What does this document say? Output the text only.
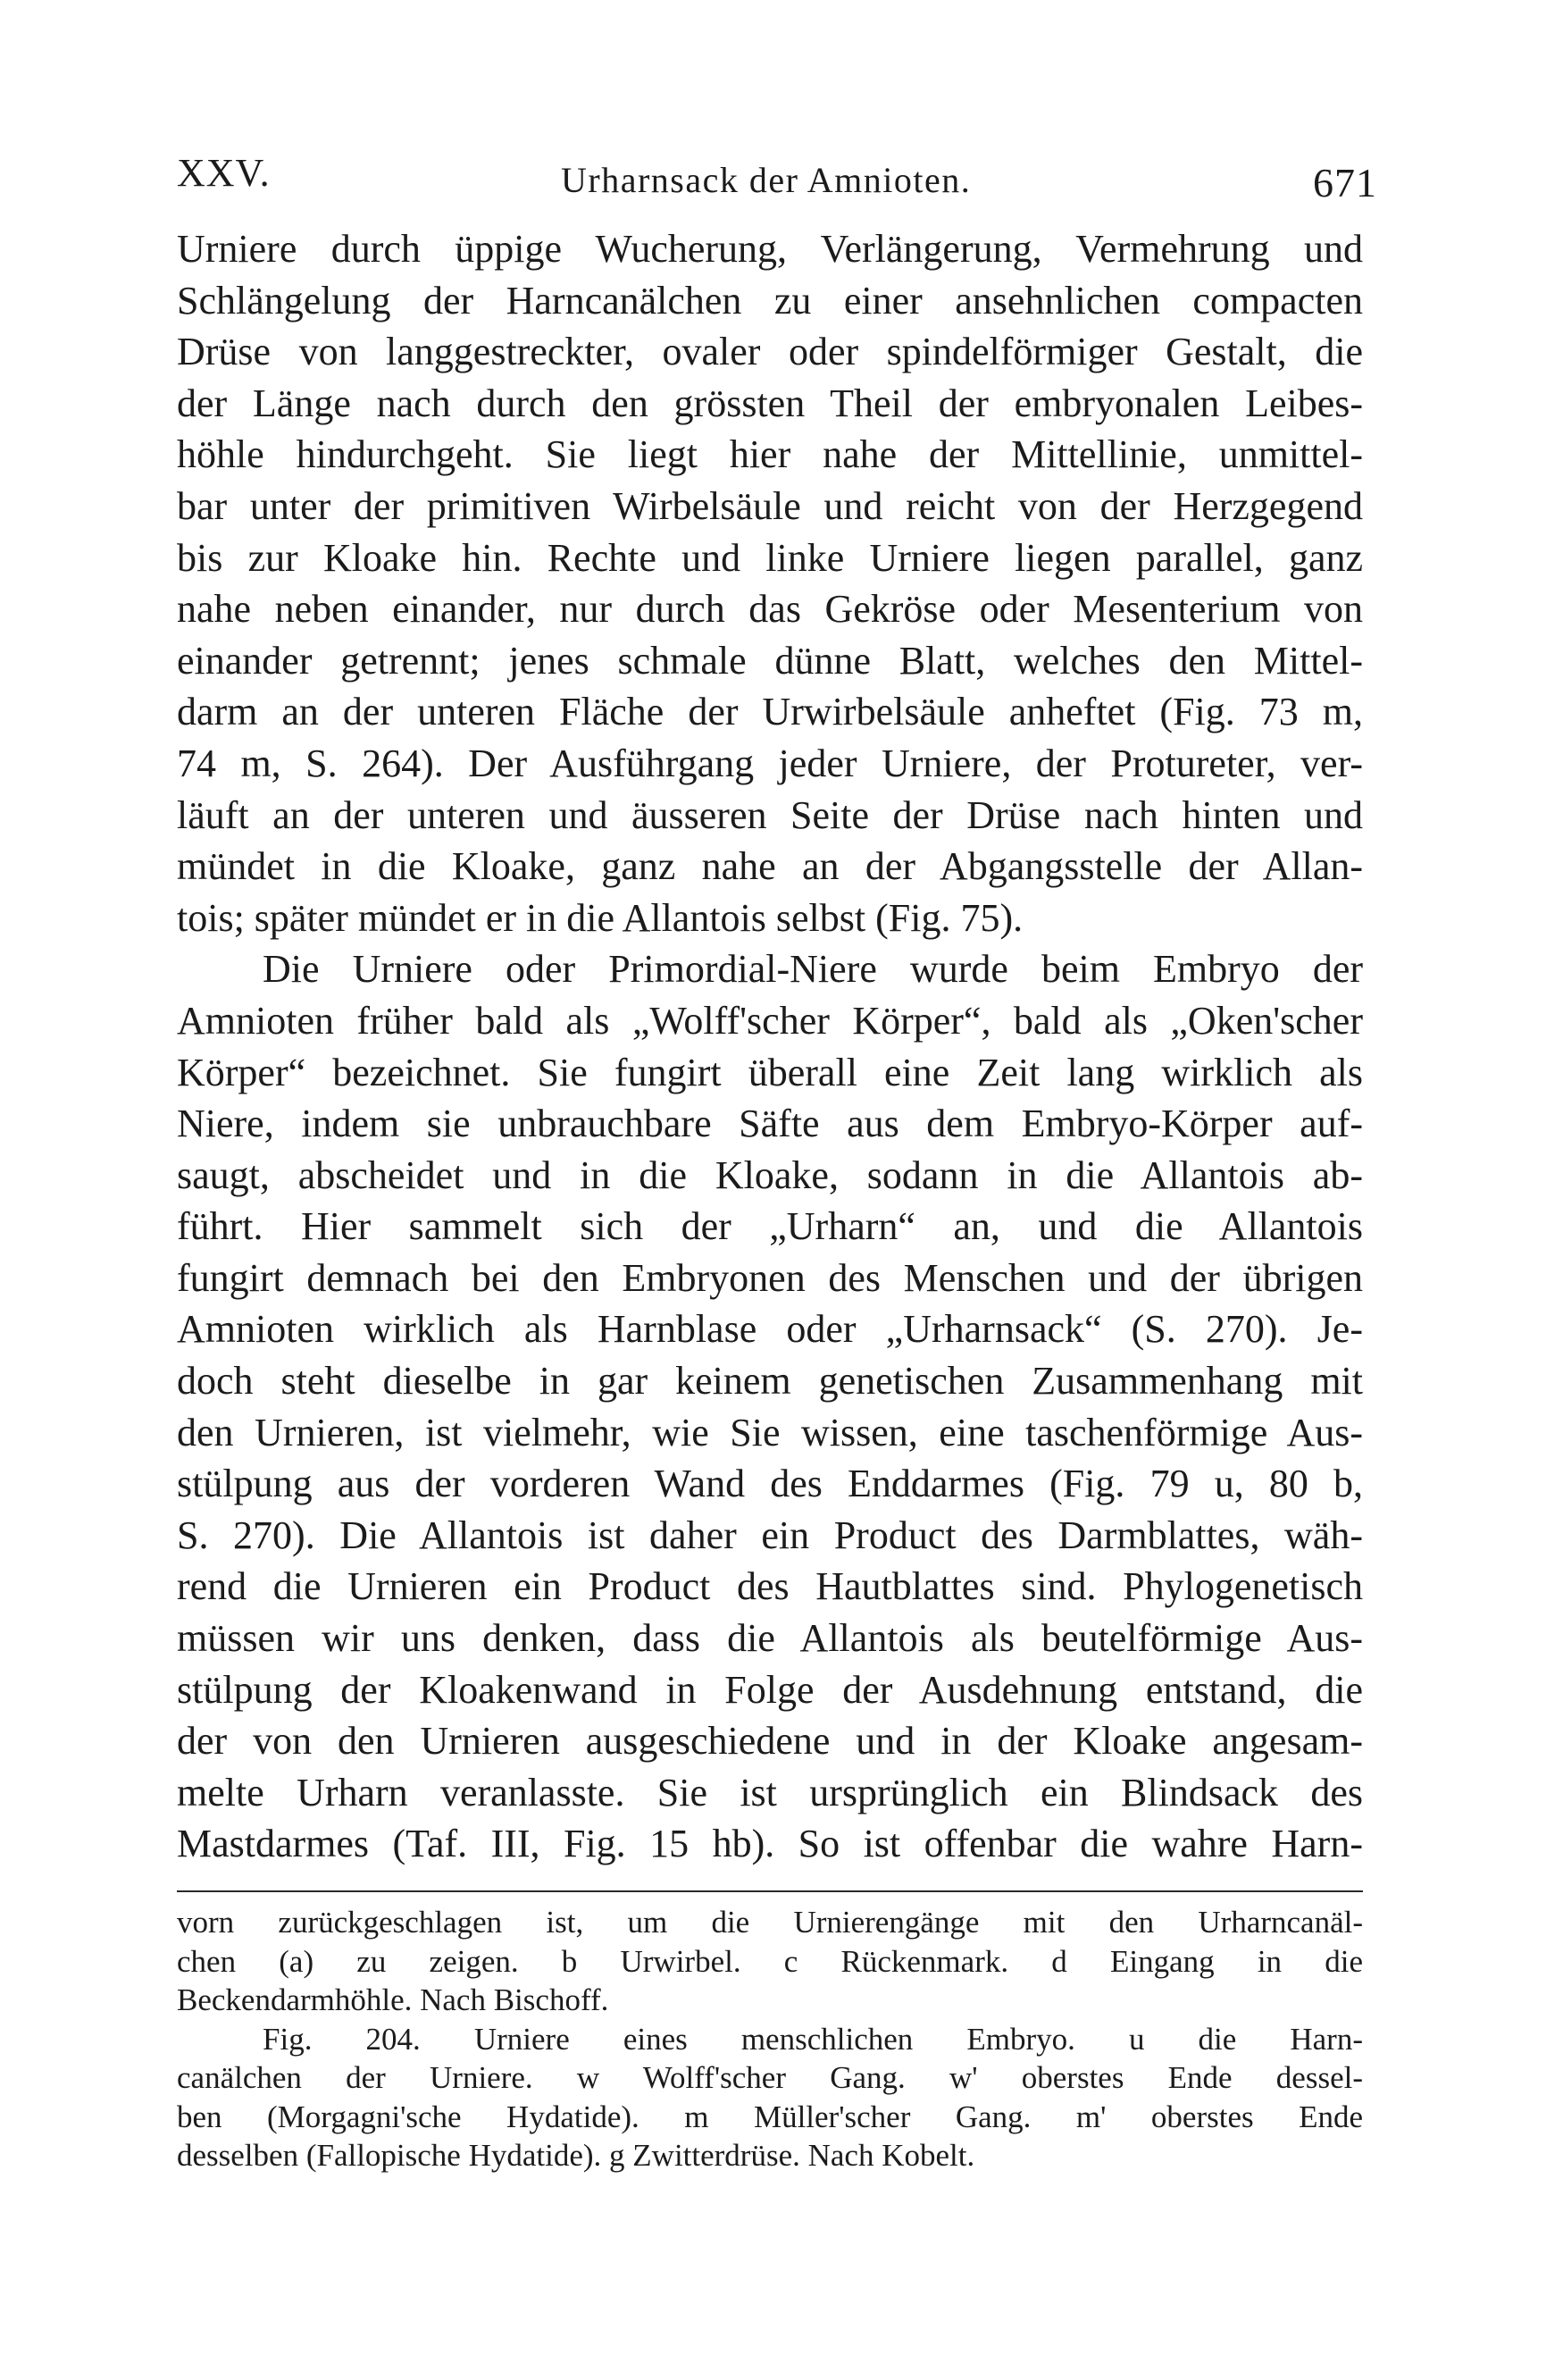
XXV.	Urharnsack der Amnioten.	671
Urniere durch üppige Wucherung, Verlängerung, Vermehrung und
Schlängelung der Harncanälchen zu einer ansehnlichen compacten
Drüse von langgestreckter, ovaler oder spindelförmiger Gestalt, die
der Länge nach durch den grössten Theil der embryonalen Leibes-
höhle hindurchgeht. Sie liegt hier nahe der Mittellinie, unmittel-
bar unter der primitiven Wirbelsäule und reicht von der Herzgegend
bis zur Kloake hin. Rechte und linke Urniere liegen parallel, ganz
nahe neben einander, nur durch das Gekröse oder Mesenterium von
einander getrennt; jenes schmale dünne Blatt, welches den Mittel-
darm an der unteren Fläche der Urwirbelsäule anheftet (Fig. 73 m,
74 m, S. 264). Der Ausführgang jeder Urniere, der Protureter, ver-
läuft an der unteren und äusseren Seite der Drüse nach hinten und
mündet in die Kloake, ganz nahe an der Abgangsstelle der Allan-
tois; später mündet er in die Allantois selbst (Fig. 75).
Die Urniere oder Primordial-Niere wurde beim Embryo der
Amnioten früher bald als „Wolff'scher Körper“, bald als „Oken'scher
Körper“ bezeichnet. Sie fungirt überall eine Zeit lang wirklich als
Niere, indem sie unbrauchbare Säfte aus dem Embryo-Körper auf-
saugt, abscheidet und in die Kloake, sodann in die Allantois ab-
führt. Hier sammelt sich der „Urharn“ an, und die Allantois
fungirt demnach bei den Embryonen des Menschen und der übrigen
Amnioten wirklich als Harnblase oder „Urharnsack“ (S. 270). Je-
doch steht dieselbe in gar keinem genetischen Zusammenhang mit
den Urnieren, ist vielmehr, wie Sie wissen, eine taschenförmige Aus-
stülpung aus der vorderen Wand des Enddarmes (Fig. 79 u, 80 b,
S. 270). Die Allantois ist daher ein Product des Darmblattes, wäh-
rend die Urnieren ein Product des Hautblattes sind. Phylogenetisch
müssen wir uns denken, dass die Allantois als beutelförmige Aus-
stülpung der Kloakenwand in Folge der Ausdehnung entstand, die
der von den Urnieren ausgeschiedene und in der Kloake angesam-
melte Urharn veranlasste. Sie ist ursprünglich ein Blindsack des
Mastdarmes (Taf. III, Fig. 15 hb). So ist offenbar die wahre Harn-
vorn zurückgeschlagen ist, um die Urnierengänge mit den Urharncanäl-
chen (a) zu zeigen. b Urwirbel. c Rückenmark. d Eingang in die
Beckendarmhöhle. Nach Bischoff.
Fig. 204. Urniere eines menschlichen Embryo. u die Harn-
canälchen der Urniere. w Wolff'scher Gang. w' oberstes Ende dessel-
ben (Morgagni'sche Hydatide). m Müller'scher Gang. m' oberstes Ende
desselben (Fallopische Hydatide). g Zwitterdrüse. Nach Kobelt.
